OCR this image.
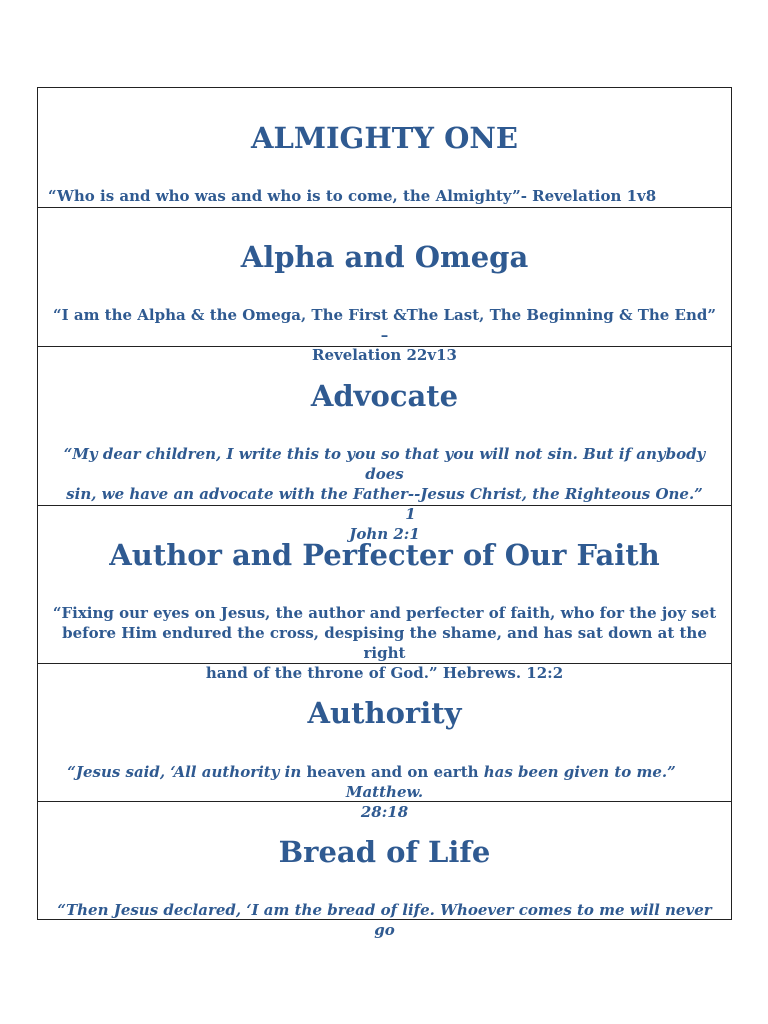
ALMIGHTY ONE

“Who is and who was and who is to come, the Almighty”- Revelation 1v8

Alpha and Omega

“I am the Alpha & the Omega, The First &The Last, The Beginning & The End” –
Revelation 22v13

Advocate

“My dear children, I write this to you so that you will not sin. But if anybody does
sin, we have an advocate with the Father--Jesus Christ, the Righteous One.”1
John 2:1

Author and Perfecter of Our Faith

“Fixing our eyes on Jesus, the author and perfecter of faith, who for the joy set
before Him endured the cross, despising the shame, and has sat down at the right
hand of the throne of God.” Hebrews. 12:2

Authority

“Jesus said, ‘All authority in heaven and on earth has been given to me.”Matthew.
28:18

Bread of Life

“Then Jesus declared, ‘I am the bread of life. Whoever comes to me will never go
